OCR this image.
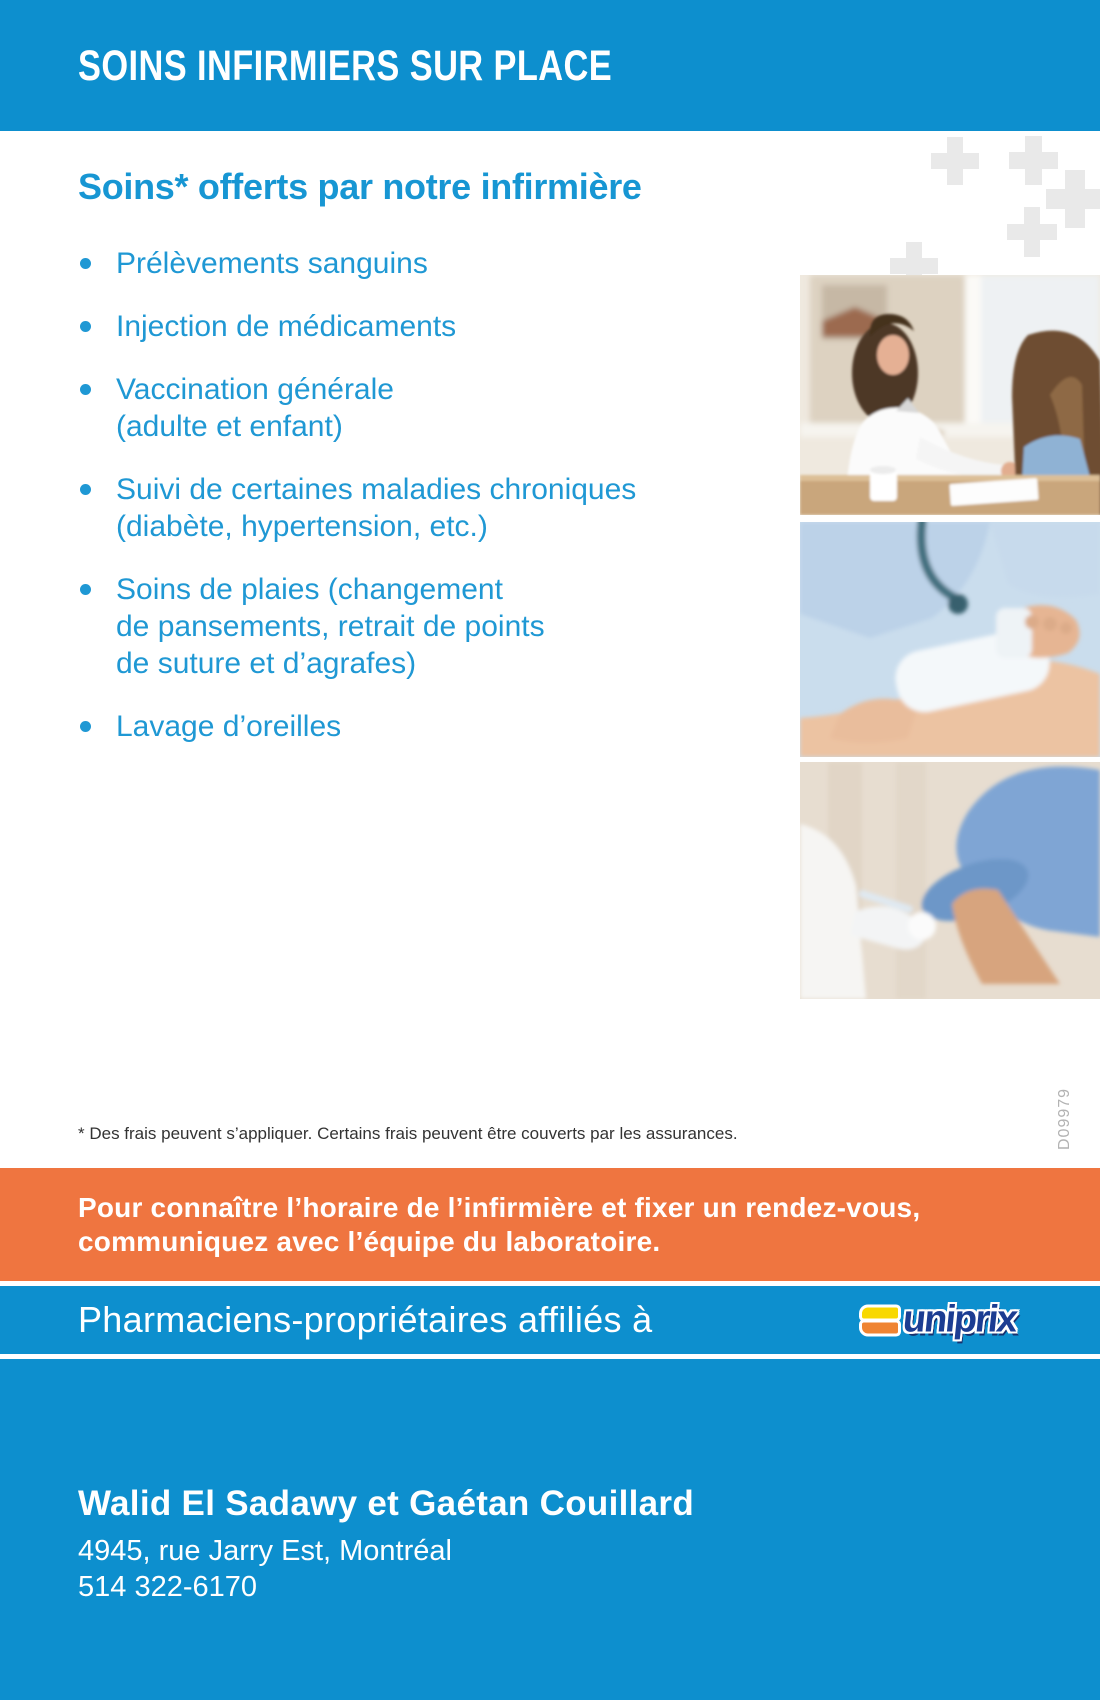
SOINS INFIRMIERS SUR PLACE
Soins* offerts par notre infirmière
Prélèvements sanguins
Injection de médicaments
Vaccination générale
(adulte et enfant)
Suivi de certaines maladies chroniques
(diabète, hypertension, etc.)
Soins de plaies (changement
de pansements, retrait de points
de suture et d’agrafes)
Lavage d’oreilles
* Des frais peuvent s’appliquer. Certains frais peuvent être couverts par les assurances.	D09979
Pour connaître l’horaire de l’infirmière et fixer un rendez-vous,
communiquez avec l’équipe du laboratoire.
Pharmaciens-propriétaires affiliés à	uniprix
Walid El Sadawy et Gaétan Couillard
4945, rue Jarry Est, Montréal
514 322-6170
